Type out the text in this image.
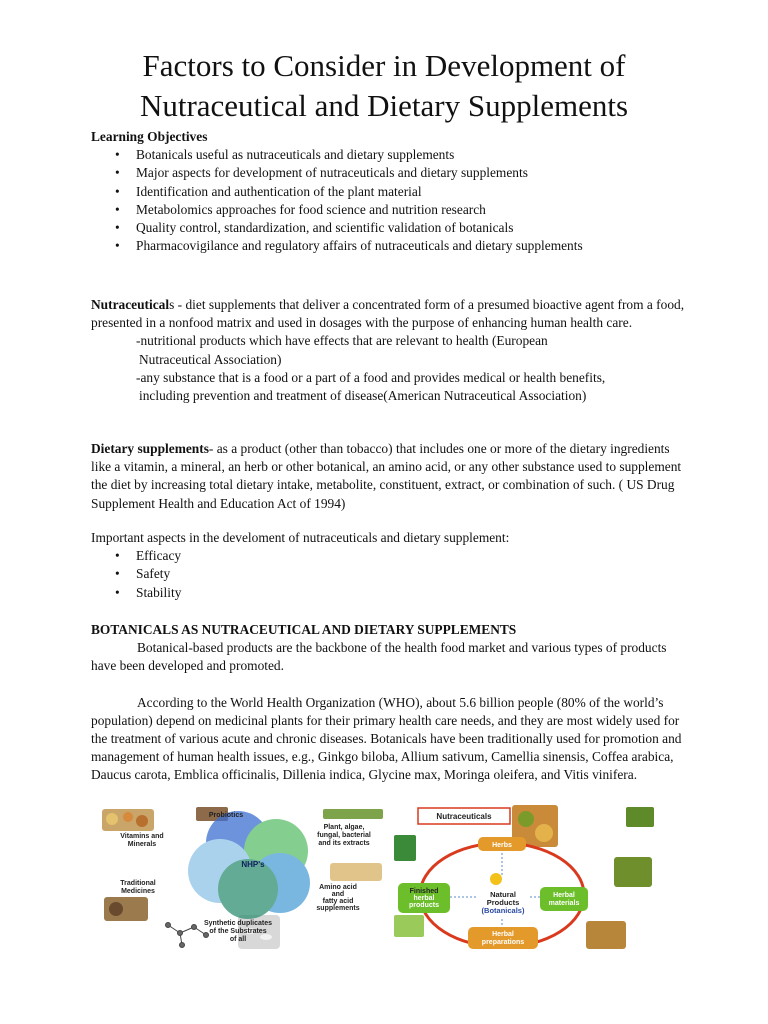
Factors to Consider in Development of Nutraceutical and Dietary Supplements

Learning Objectives

• Botanicals useful as nutraceuticals and dietary supplements
• Major aspects for development of nutraceuticals and dietary supplements
• Identification and authentication of the plant material
• Metabolomics approaches for food science and nutrition research
• Quality control, standardization, and scientific validation of botanicals
• Pharmacovigilance and regulatory affairs of nutraceuticals and dietary supplements

Nutraceuticals - diet supplements that deliver a concentrated form of a presumed bioactive agent from a food, presented in a nonfood matrix and used in dosages with the purpose of enhancing human health care.

-nutritional products which have effects that are relevant to health (European

Nutraceutical Association)

-any substance that is a food or a part of a food and provides medical or health benefits,

including prevention and treatment of disease(American Nutraceutical Association)

Dietary supplements- as a product (other than tobacco) that includes one or more of the dietary ingredients like a vitamin, a mineral, an herb or other botanical, an amino acid, or any other substance used to supplement the diet by increasing total dietary intake, metabolite, constituent, extract, or combination of such. ( US Drug Supplement Health and Education Act of 1994)

Important aspects in the develoment of nutraceuticals and dietary supplement:

• Efficacy
• Safety
• Stability

BOTANICALS AS NUTRACEUTICAL AND DIETARY SUPPLEMENTS

Botanical-based products are the backbone of the health food market and various types of products have been developed and promoted.

According to the World Health Organization (WHO), about 5.6 billion people (80% of the world’s population) depend on medicinal plants for their primary health care needs, and they are most widely used for the treatment of various acute and chronic diseases. Botanicals have been traditionally used for promotion and management of human health issues, e.g., Ginkgo biloba, Allium sativum, Camellia sinensis, Coffea arabica, Daucus carota, Emblica officinalis, Dillenia indica, Glycine max, Moringa oleifera, and Vitis vinifera.

NHP's
Probiotics
Vitamins and
Minerals
Plant, algae,
fungal, bacterial
and its extracts
Traditional
Medicines
Amino acid
and
fatty acid
supplements
Synthetic duplicates
of the Substrates
of all
Nutraceuticals
Natural
Products
(Botanicals)
Herbs
Finished
herbal
products
Herbal
materials
Herbal
preparations
